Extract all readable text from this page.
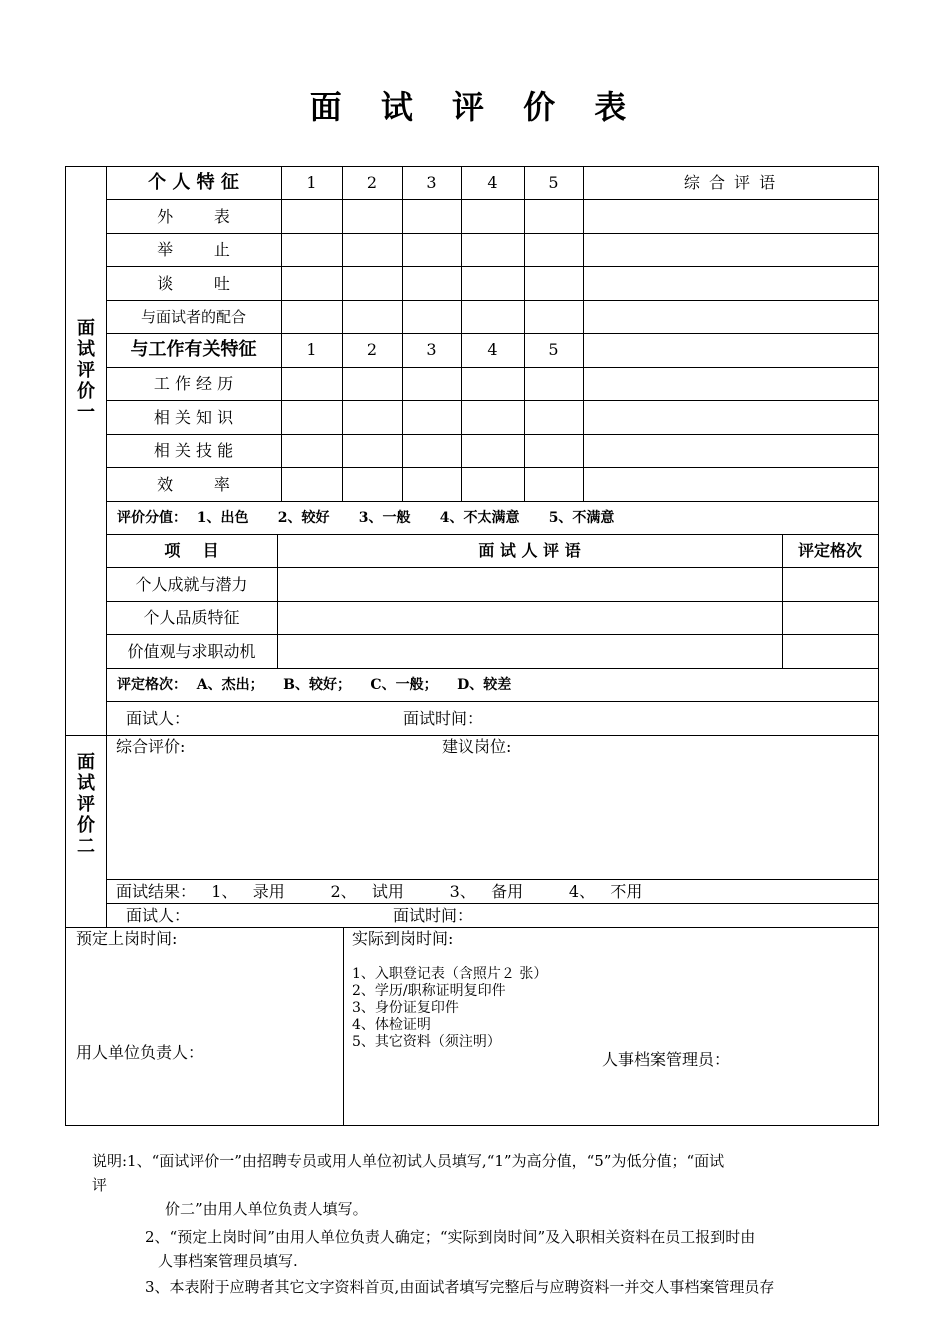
面 试 评 价 表
面试评价一
面试评价二
个 人 特 征	1	2	3	4	5	综 合 评 语
外        表
举        止
谈        吐
与面试者的配合
与工作有关特征	1	2	3	4	5
工 作 经 历
相 关 知 识
相 关 技 能
效        率
评价分值：  1、出色      2、较好      3、一般      4、不太满意      5、不满意
项    目	面 试 人 评 语	评定格次
个人成就与潜力
个人品质特征
价值观与求职动机
评定格次：  A、杰出；    B、较好；    C、一般；    D、较差
面试人：	面试时间：
综合评价:	建议岗位:
面试结果：   1、   录用         2、   试用         3、   备用         4、   不用
面试人：	面试时间：
预定上岗时间:	实际到岗时间:
1、入职登记表（含照片２ 张）
2、学历/职称证明复印件
3、身份证复印件
4、体检证明
5、其它资料（须注明）
用人单位负责人：	人事档案管理员：
说明:1、“面试评价一”由招聘专员或用人单位初试人员填写,“1”为高分值，“5”为低分值；“面试
评
价二”由用人单位负责人填写。
2、“预定上岗时间”由用人单位负责人确定；“实际到岗时间”及入职相关资料在员工报到时由
人事档案管理员填写.
3、本表附于应聘者其它文字资料首页,由面试者填写完整后与应聘资料一并交人事档案管理员存
